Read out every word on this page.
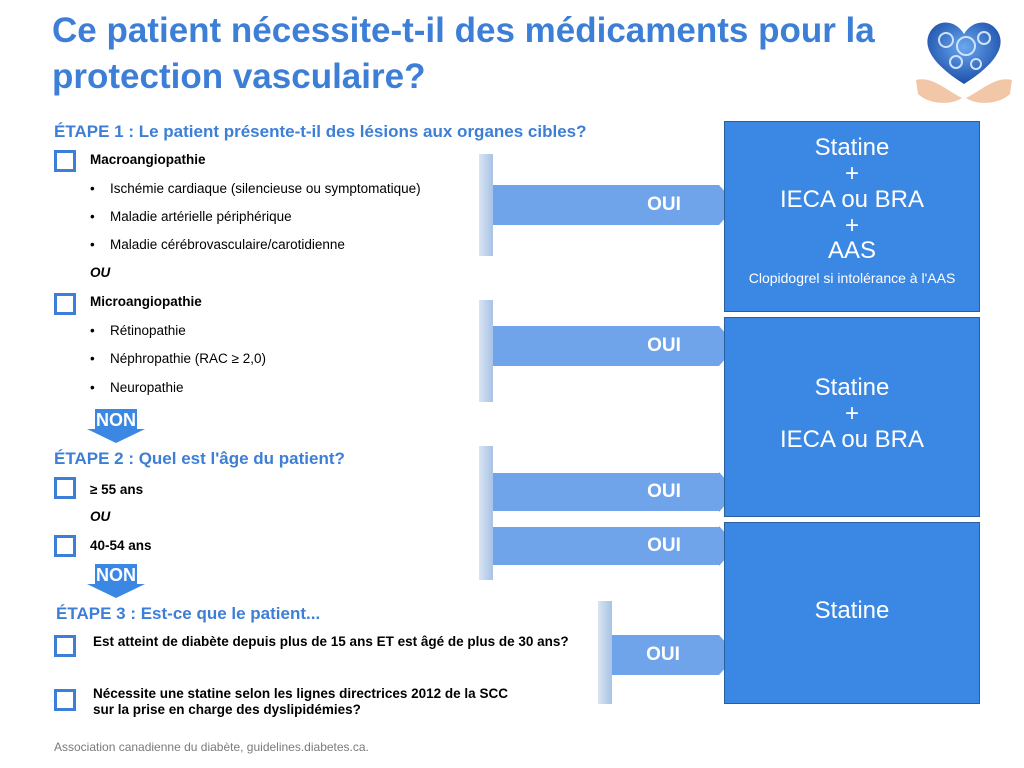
Ce patient nécessite-t-il des médicaments pour la protection vasculaire?
ÉTAPE 1 : Le patient présente-t-il des lésions aux organes cibles?
Macroangiopathie
• Ischémie cardiaque (silencieuse ou symptomatique)
• Maladie artérielle périphérique
• Maladie cérébrovasculaire/carotidienne
OU
Microangiopathie
• Rétinopathie
• Néphropathie (RAC ≥ 2,0)
• Neuropathie
NON
ÉTAPE 2 : Quel est l'âge du patient?
≥ 55 ans
OU
40-54 ans
NON
ÉTAPE 3 : Est-ce que le patient...
Est atteint de diabète depuis plus de 15 ans ET est âgé de plus de 30 ans?
Nécessite une statine selon les lignes directrices 2012 de la SCC sur la prise en charge des dyslipidémies?
OUI
OUI
OUI
OUI
OUI
Statine
+
IECA ou BRA
+
AAS
Clopidogrel si intolérance à l'AAS
Statine
+
IECA ou BRA
Statine
Association canadienne du diabète, guidelines.diabetes.ca.
